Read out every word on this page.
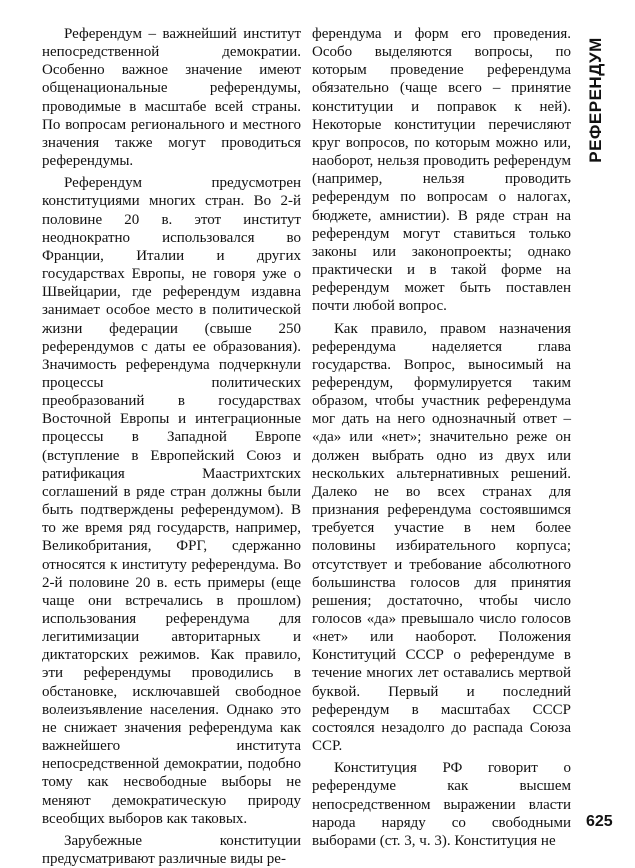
Референдум – важнейший институт непосредственной демократии. Особенно важное значение имеют общенациональные референдумы, проводимые в масштабе всей страны. По вопросам регионального и местного значения также могут проводиться референдумы.

Референдум предусмотрен конституциями многих стран. Во 2-й половине 20 в. этот институт неоднократно использовался во Франции, Италии и других государствах Европы, не говоря уже о Швейцарии, где референдум издавна занимает особое место в политической жизни федерации (свыше 250 референдумов с даты ее образования). Значимость референдума подчеркнули процессы политических преобразований в государствах Восточной Европы и интеграционные процессы в Западной Европе (вступление в Европейский Союз и ратификация Маастрихтских соглашений в ряде стран должны были быть подтверждены референдумом). В то же время ряд государств, например, Великобритания, ФРГ, сдержанно относятся к институту референдума. Во 2-й половине 20 в. есть примеры (еще чаще они встречались в прошлом) использования референдума для легитимизации авторитарных и диктаторских режимов. Как правило, эти референдумы проводились в обстановке, исключавшей свободное волеизъявление населения. Однако это не снижает значения референдума как важнейшего института непосредственной демократии, подобно тому как несвободные выборы не меняют демократическую природу всеобщих выборов как таковых.

Зарубежные конституции предусматривают различные виды ре-

ферендума и форм его проведения. Особо выделяются вопросы, по которым проведение референдума обязательно (чаще всего – принятие конституции и поправок к ней). Некоторые конституции перечисляют круг вопросов, по которым можно или, наоборот, нельзя проводить референдум (например, нельзя проводить референдум по вопросам о налогах, бюджете, амнистии). В ряде стран на референдум могут ставиться только законы или законопроекты; однако практически и в такой форме на референдум может быть поставлен почти любой вопрос.

Как правило, правом назначения референдума наделяется глава государства. Вопрос, выносимый на референдум, формулируется таким образом, чтобы участник референдума мог дать на него однозначный ответ – «да» или «нет»; значительно реже он должен выбрать одно из двух или нескольких альтернативных решений. Далеко не во всех странах для признания референдума состоявшимся требуется участие в нем более половины избирательного корпуса; отсутствует и требование абсолютного большинства голосов для принятия решения; достаточно, чтобы число голосов «да» превышало число голосов «нет» или наоборот. Положения Конституций СССР о референдуме в течение многих лет оставались мертвой буквой. Первый и последний референдум в масштабах СССР состоялся незадолго до распада Союза ССР.

Конституция РФ говорит о референдуме как высшем непосредственном выражении власти народа наряду со свободными выборами (ст. 3, ч. 3). Конституция не

РЕФЕРЕНДУМ
625
